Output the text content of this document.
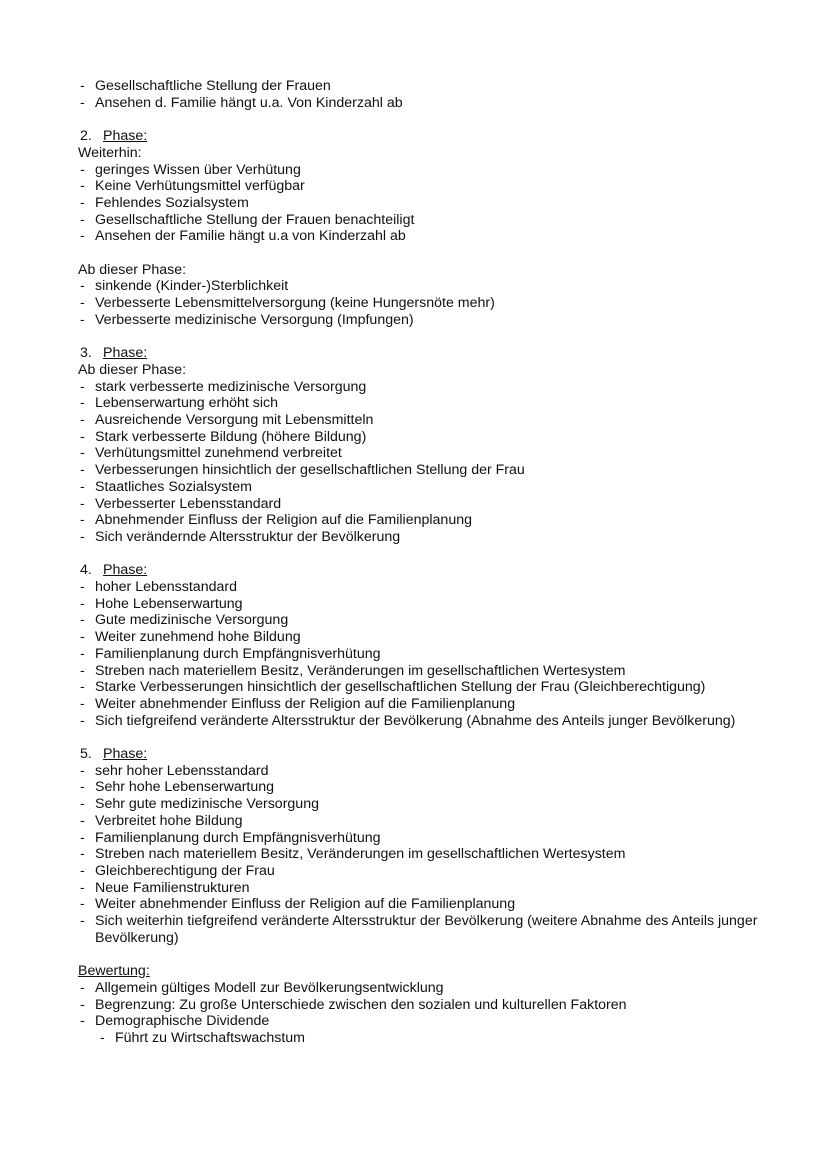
- Gesellschaftliche Stellung der Frauen
- Ansehen d. Familie hängt u.a. Von Kinderzahl ab
2. Phase:
Weiterhin:
- geringes Wissen über Verhütung
- Keine Verhütungsmittel verfügbar
- Fehlendes Sozialsystem
- Gesellschaftliche Stellung der Frauen benachteiligt
- Ansehen der Familie hängt u.a von Kinderzahl ab
Ab dieser Phase:
- sinkende (Kinder-)Sterblichkeit
- Verbesserte Lebensmittelversorgung (keine Hungersnöte mehr)
- Verbesserte medizinische Versorgung (Impfungen)
3. Phase:
Ab dieser Phase:
- stark verbesserte medizinische Versorgung
- Lebenserwartung erhöht sich
- Ausreichende Versorgung mit Lebensmitteln
- Stark verbesserte Bildung (höhere Bildung)
- Verhütungsmittel zunehmend verbreitet
- Verbesserungen hinsichtlich der gesellschaftlichen Stellung der Frau
- Staatliches Sozialsystem
- Verbesserter Lebensstandard
- Abnehmender Einfluss der Religion auf die Familienplanung
- Sich verändernde Altersstruktur der Bevölkerung
4. Phase:
- hoher Lebensstandard
- Hohe Lebenserwartung
- Gute medizinische Versorgung
- Weiter zunehmend hohe Bildung
- Familienplanung durch Empfängnisverhütung
- Streben nach materiellem Besitz, Veränderungen im gesellschaftlichen Wertesystem
- Starke Verbesserungen hinsichtlich der gesellschaftlichen Stellung der Frau (Gleichberechtigung)
- Weiter abnehmender Einfluss der Religion auf die Familienplanung
- Sich tiefgreifend veränderte Altersstruktur der Bevölkerung (Abnahme des Anteils junger Bevölkerung)
5. Phase:
- sehr hoher Lebensstandard
- Sehr hohe Lebenserwartung
- Sehr gute medizinische Versorgung
- Verbreitet hohe Bildung
- Familienplanung durch Empfängnisverhütung
- Streben nach materiellem Besitz, Veränderungen im gesellschaftlichen Wertesystem
- Gleichberechtigung der Frau
- Neue Familienstrukturen
- Weiter abnehmender Einfluss der Religion auf die Familienplanung
- Sich weiterhin tiefgreifend veränderte Altersstruktur der Bevölkerung (weitere Abnahme des Anteils junger Bevölkerung)
Bewertung:
- Allgemein gültiges Modell zur Bevölkerungsentwicklung
- Begrenzung: Zu große Unterschiede zwischen den sozialen und kulturellen Faktoren
- Demographische Dividende
- Führt zu Wirtschaftswachstum
